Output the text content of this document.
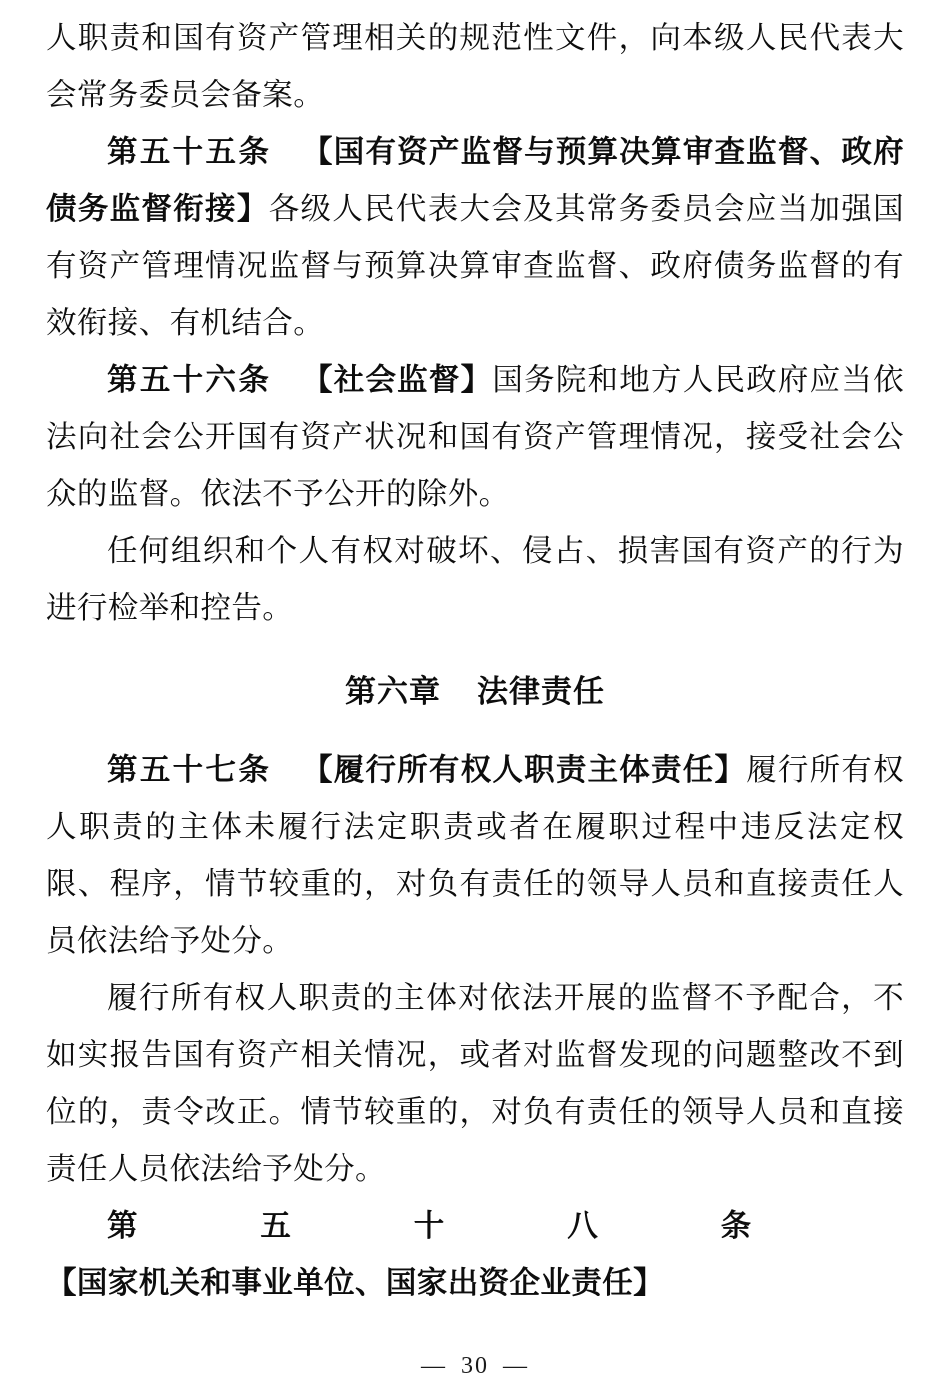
人职责和国有资产管理相关的规范性文件，向本级人民代表大会常务委员会备案。

第五十五条 【国有资产监督与预算决算审查监督、政府债务监督衔接】各级人民代表大会及其常务委员会应当加强国有资产管理情况监督与预算决算审查监督、政府债务监督的有效衔接、有机结合。

第五十六条 【社会监督】国务院和地方人民政府应当依法向社会公开国有资产状况和国有资产管理情况，接受社会公众的监督。依法不予公开的除外。

任何组织和个人有权对破坏、侵占、损害国有资产的行为进行检举和控告。

第六章 法律责任

第五十七条 【履行所有权人职责主体责任】履行所有权人职责的主体未履行法定职责或者在履职过程中违反法定权限、程序，情节较重的，对负有责任的领导人员和直接责任人员依法给予处分。

履行所有权人职责的主体对依法开展的监督不予配合，不如实报告国有资产相关情况，或者对监督发现的问题整改不到位的，责令改正。情节较重的，对负有责任的领导人员和直接责任人员依法给予处分。

第五十八条【国家机关和事业单位、国家出资企业责任】

— 30 —
